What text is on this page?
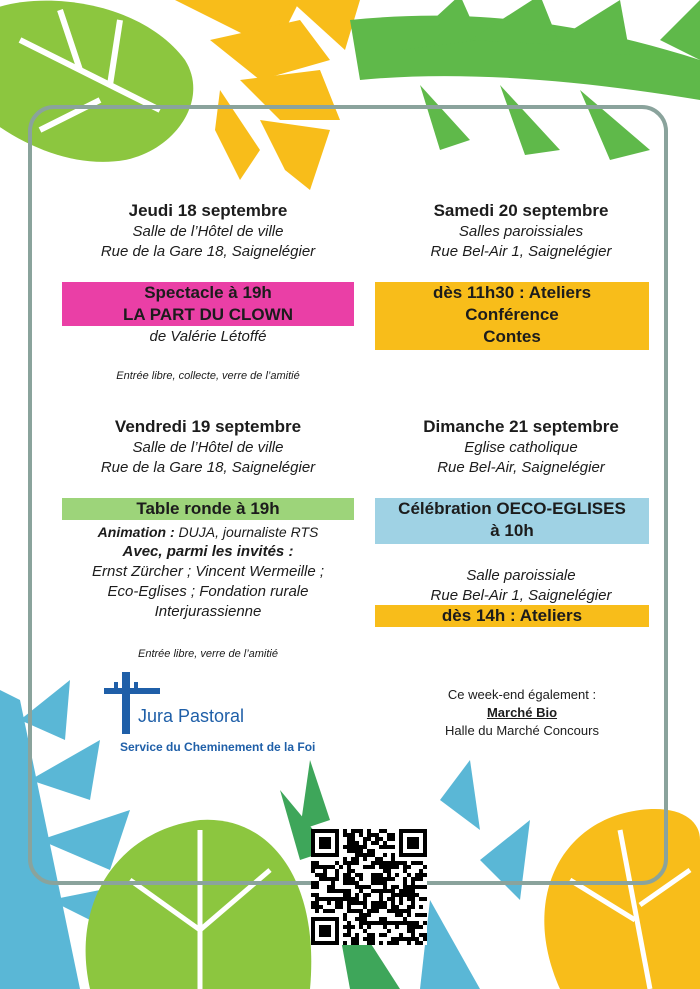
Jeudi 18 septembre

Salle de l’Hôtel de ville

Rue de la Gare 18, Saignelégier

Spectacle à 19h
LA PART DU CLOWN

de Valérie Létoffé

Entrée libre, collecte, verre de l’amitié

Samedi 20 septembre

Salles paroissiales

Rue Bel-Air 1, Saignelégier

dès 11h30 : Ateliers
Conférence
Contes

Vendredi 19 septembre

Salle de l’Hôtel de ville

Rue de la Gare 18, Saignelégier

Table ronde à 19h

Animation : DUJA, journaliste RTS

Avec, parmi les invités :

Ernst Zürcher ; Vincent Wermeille ;

Eco-Eglises ; Fondation rurale

Interjurassienne

Entrée libre, verre de l’amitié

Dimanche 21 septembre

Eglise catholique

Rue Bel-Air, Saignelégier

Célébration OECO-EGLISES
à 10h

Salle paroissiale

Rue Bel-Air 1, Saignelégier

dès 14h : Ateliers
Ce week-end également :
Marché Bio
Halle du Marché Concours
Jura Pastoral
Service du Cheminement de la Foi
